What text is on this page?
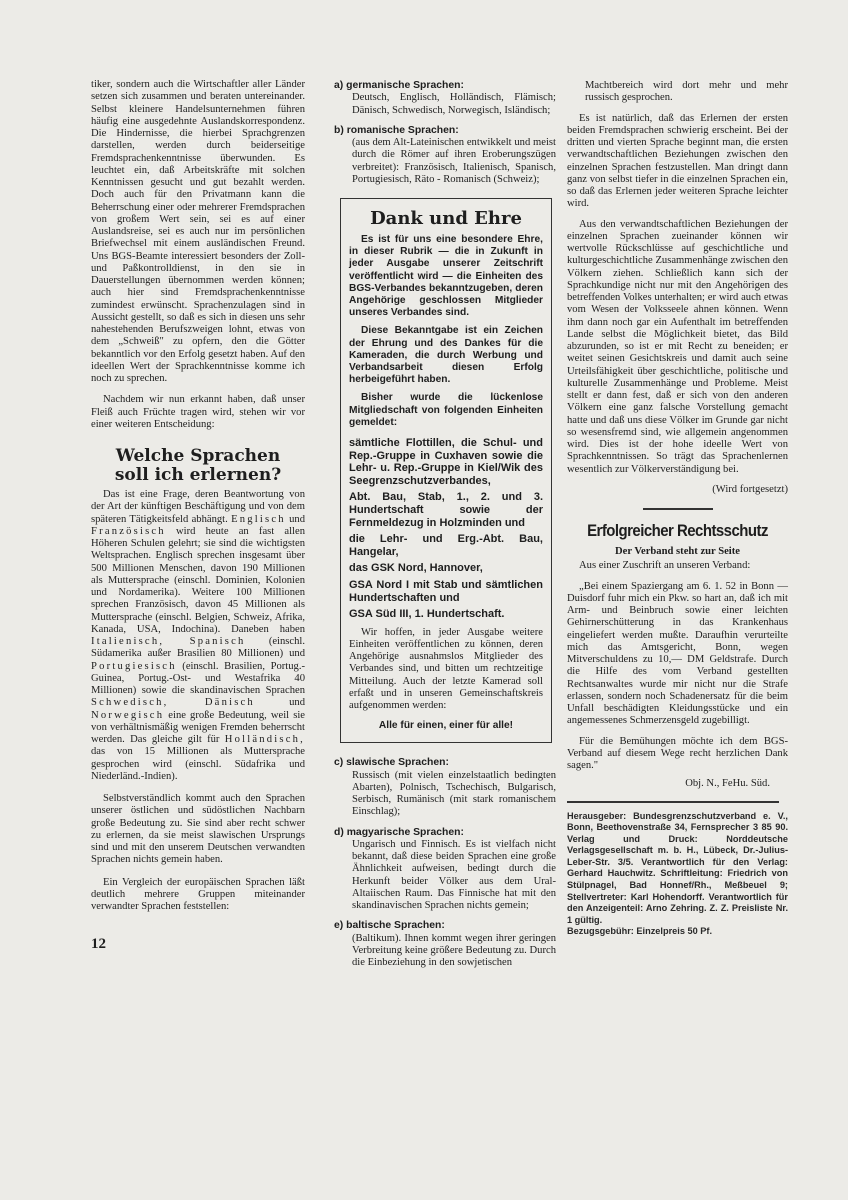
tiker, sondern auch die Wirtschaftler aller Länder setzen sich zusammen und beraten untereinander. Selbst kleinere Handelsunternehmen führen häufig eine ausgedehnte Auslandskorrespondenz. Die Hindernisse, die hierbei Sprachgrenzen darstellen, werden durch beiderseitige Fremdsprachenkenntnisse überwunden. Es leuchtet ein, daß Arbeitskräfte mit solchen Kenntnissen gesucht und gut bezahlt werden. Doch auch für den Privatmann kann die Beherrschung einer oder mehrerer Fremdsprachen von großem Wert sein, sei es auf einer Auslandsreise, sei es auch nur im persönlichen Briefwechsel mit einem ausländischen Freund. Uns BGS-Beamte interessiert besonders der Zoll- und Paßkontrolldienst, in den sie in Dauerstellungen übernommen werden können; auch hier sind Fremdsprachenkenntnisse zumindest erwünscht. Sprachenzulagen sind in Aussicht gestellt, so daß es sich in diesen uns sehr nahestehenden Berufszweigen lohnt, etwas von dem „Schweiß" zu opfern, den die Götter bekanntlich vor den Erfolg gesetzt haben. Auf den ideellen Wert der Sprachkenntnisse komme ich noch zu sprechen.

Nachdem wir nun erkannt haben, daß unser Fleiß auch Früchte tragen wird, stehen wir vor einer weiteren Entscheidung:

Welche Sprachen
soll ich erlernen?

Das ist eine Frage, deren Beantwortung von der Art der künftigen Beschäftigung und von dem späteren Tätigkeitsfeld abhängt. Englisch und Französisch wird heute an fast allen Höheren Schulen gelehrt; sie sind die wichtigsten Weltsprachen. Englisch sprechen insgesamt über 500 Millionen Menschen, davon 190 Millionen als Muttersprache (einschl. Dominien, Kolonien und Nordamerika). Weitere 100 Millionen sprechen Französisch, davon 45 Millionen als Muttersprache (einschl. Belgien, Schweiz, Afrika, Kanada, USA, Indochina). Daneben haben Italienisch, Spanisch (einschl. Südamerika außer Brasilien 80 Millionen) und Portugiesisch (einschl. Brasilien, Portug.-Guinea, Portug.-Ost- und Westafrika 40 Millionen) sowie die skandinavischen Sprachen Schwedisch, Dänisch	und Norwegisch eine große Bedeutung, weil sie von verhältnismäßig wenigen Fremden beherrscht werden. Das gleiche gilt für Holländisch, das von 15 Millionen als Muttersprache gesprochen wird (einschl. Südafrika und Niederländ.-Indien).

Selbstverständlich kommt auch den Sprachen unserer östlichen und südöstlichen Nachbarn große Bedeutung zu. Sie sind aber recht schwer zu erlernen, da sie meist slawischen Ursprungs sind und mit den unserem Deutschen verwandten Sprachen nichts gemein haben.

Ein Vergleich der europäischen Sprachen läßt deutlich mehrere Gruppen miteinander verwandter Sprachen feststellen:

12
a) germanische Sprachen:

Deutsch, Englisch, Holländisch, Flämisch; Dänisch, Schwedisch, Norwegisch, Isländisch;

b) romanische Sprachen:

(aus dem Alt-Lateinischen entwikkelt und meist durch die Römer auf ihren Eroberungszügen verbreitet): Französisch, Italienisch, Spanisch, Portugiesisch, Räto - Romanisch (Schweiz);

Dank und Ehre

Es ist für uns eine besondere Ehre, in dieser Rubrik — die in Zukunft in jeder Ausgabe unserer Zeitschrift veröffentlicht wird — die Einheiten des BGS-Verbandes bekanntzugeben, deren Angehörige geschlossen Mitglieder unseres Verbandes sind.

Diese Bekanntgabe ist ein Zeichen der Ehrung und des Dankes für die Kameraden, die durch Werbung und Verbandsarbeit diesen Erfolg herbeigeführt haben.

Bisher wurde die lückenlose Mitgliedschaft von folgenden Einheiten gemeldet:

sämtliche Flottillen, die Schul- und Rep.-Gruppe in Cuxhaven sowie die Lehr- u. Rep.-Gruppe in Kiel/Wik des Seegrenzschutzverbandes,

Abt. Bau, Stab, 1., 2. und 3. Hundertschaft sowie der Fernmeldezug in Holzminden und

die Lehr- und Erg.-Abt. Bau, Hangelar,

das GSK Nord, Hannover,

GSA Nord I mit Stab und sämtlichen Hundertschaften und

GSA Süd III, 1. Hundertschaft.

Wir hoffen, in jeder Ausgabe weitere Einheiten veröffentlichen zu können, deren Angehörige ausnahmslos Mitglieder des Verbandes sind, und bitten um rechtzeitige Mitteilung. Auch der letzte Kamerad soll erfaßt und in unseren Gemeinschaftskreis aufgenommen werden:

Alle für einen, einer für alle!

c) slawische Sprachen:

Russisch (mit vielen einzelstaatlich bedingten Abarten), Polnisch, Tschechisch, Bulgarisch, Serbisch, Rumänisch (mit stark romanischem Einschlag);

d) magyarische Sprachen:

Ungarisch und Finnisch. Es ist vielfach nicht bekannt, daß diese beiden Sprachen eine große Ähnlichkeit aufweisen, bedingt durch die Herkunft beider Völker aus dem Ural-Altaiischen Raum. Das Finnische hat mit den skandinavischen Sprachen nichts gemein;

e) baltische Sprachen:

(Baltikum). Ihnen kommt wegen ihrer geringen Verbreitung keine größere Bedeutung zu. Durch die Einbeziehung in den sowjetischen

Machtbereich wird dort mehr und mehr russisch gesprochen.

Es ist natürlich, daß das Erlernen der ersten beiden Fremdsprachen schwierig erscheint. Bei der dritten und vierten Sprache beginnt man, die ersten verwandtschaftlichen Beziehungen zwischen den einzelnen Sprachen festzustellen. Man dringt dann ganz von selbst tiefer in die einzelnen Sprachen ein, so daß das Erlernen jeder weiteren Sprache leichter wird.

Aus den verwandtschaftlichen Beziehungen der einzelnen Sprachen zueinander können wir wertvolle Rückschlüsse auf geschichtliche und kulturgeschichtliche Zusammenhänge zwischen den Völkern ziehen. Schließlich kann sich der Sprachkundige nicht nur mit den Angehörigen des betreffenden Volkes unterhalten; er wird auch etwas vom Wesen der Volksseele ahnen können. Wenn ihm dann noch gar ein Aufenthalt im betreffenden Lande selbst die Möglichkeit bietet, das Bild abzurunden, so ist er mit Recht zu beneiden; er weitet seinen Gesichtskreis und damit auch seine Urteilsfähigkeit über geschichtliche, politische und kulturelle Zusammenhänge und Probleme. Meist stellt er dann fest, daß er sich von den anderen Völkern eine ganz falsche Vorstellung gemacht hatte und daß uns diese Völker im Grunde gar nicht so wesensfremd sind, wie allgemein angenommen wird. Dies ist der hohe ideelle Wert von Sprachkenntnissen. So trägt das Sprachenlernen wesentlich zur Völkerverständigung bei.

(Wird fortgesetzt)

Erfolgreicher Rechtsschutz
Der Verband steht zur Seite

Aus einer Zuschrift an unseren Verband:

„Bei einem Spaziergang am 6. 1. 52 in Bonn — Duisdorf fuhr mich ein Pkw. so hart an, daß ich mit Arm- und Beinbruch sowie einer leichten Gehirnerschütterung in das Krankenhaus eingeliefert werden mußte. Daraufhin verurteilte mich das Amtsgericht, Bonn, wegen Mitverschuldens zu 10,— DM Geldstrafe. Durch die Hilfe des vom Verband gestellten Rechtsanwaltes wurde mir nicht nur die Strafe erlassen, sondern noch Schadenersatz für die beim Unfall beschädigten Kleidungsstücke und ein angemessenes Schmerzensgeld zugebilligt.

Für die Bemühungen möchte ich dem BGS-Verband auf diesem Wege recht herzlichen Dank sagen."

Obj. N., FeHu. Süd.

Herausgeber: Bundesgrenzschutzverband e. V., Bonn, Beethovenstraße 34, Fernsprecher 3 85 90. Verlag und Druck: Norddeutsche Verlagsgesellschaft m. b. H., Lübeck, Dr.-Julius-Leber-Str. 3/5. Verantwortlich für den Verlag: Gerhard Hauchwitz. Schriftleitung: Friedrich von Stülpnagel, Bad Honnef/Rh., Meßbeuel 9; Stellvertreter: Karl Hohendorff. Verantwortlich für den Anzeigenteil: Arno Zehring. Z. Z. Preisliste Nr. 1 gültig.

Bezugsgebühr: Einzelpreis 50 Pf.
